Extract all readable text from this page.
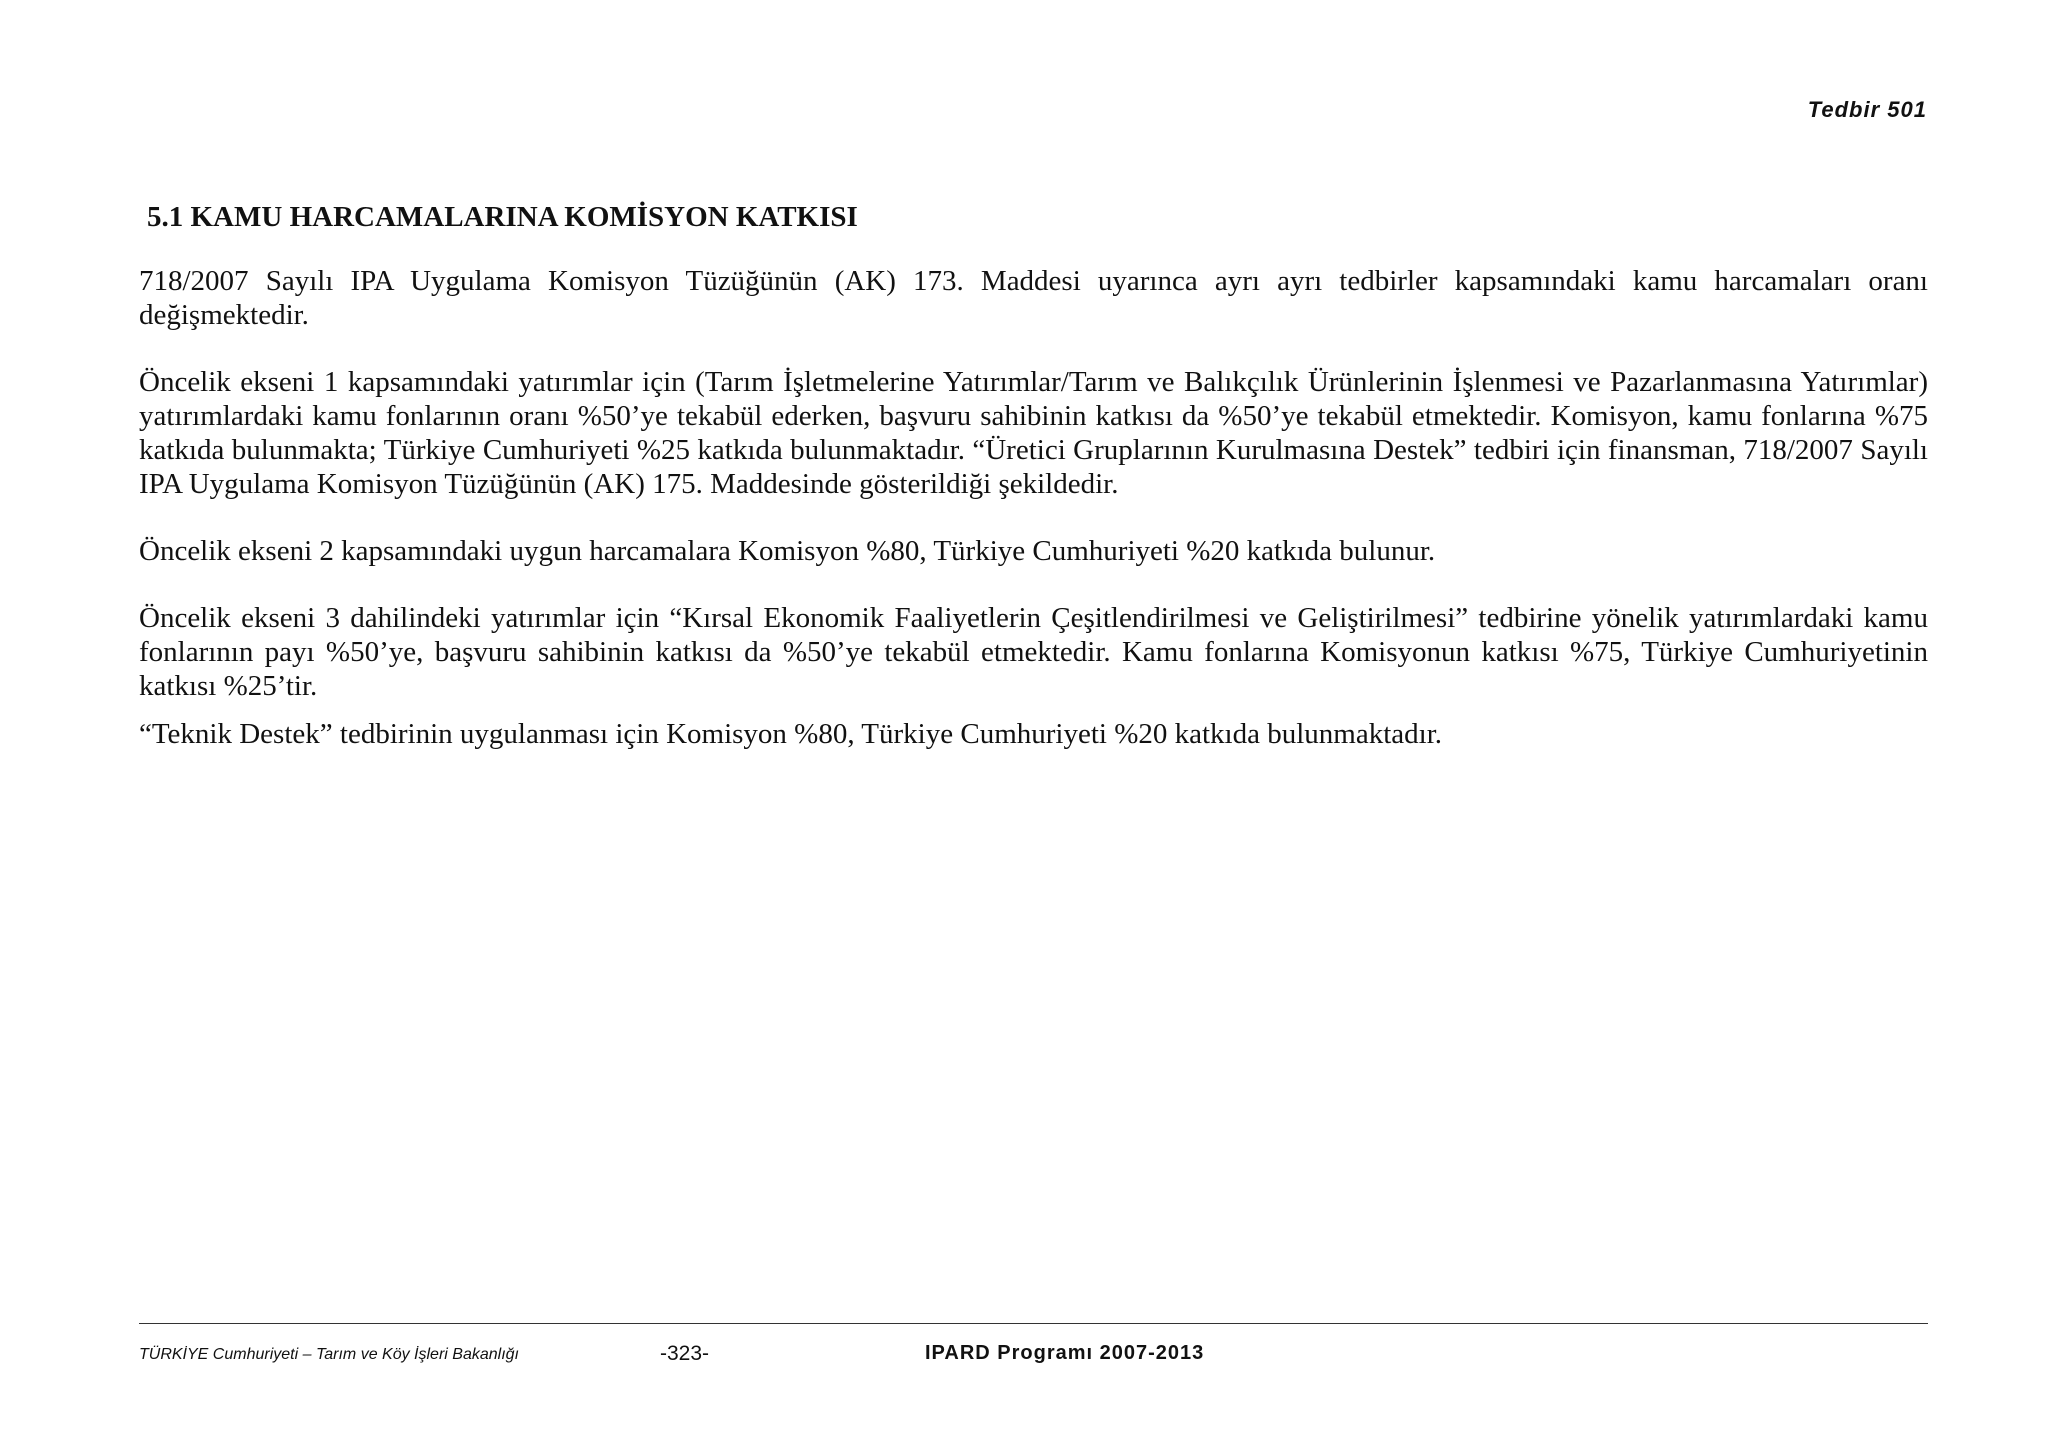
Tedbir 501
5.1 KAMU HARCAMALARINA KOMİSYON KATKISI

718/2007 Sayılı IPA Uygulama Komisyon Tüzüğünün (AK) 173. Maddesi uyarınca ayrı ayrı tedbirler kapsamındaki kamu harcamaları oranı değişmektedir.

Öncelik ekseni 1 kapsamındaki yatırımlar için (Tarım İşletmelerine Yatırımlar/Tarım ve Balıkçılık Ürünlerinin İşlenmesi ve Pazarlanmasına Yatırımlar) yatırımlardaki kamu fonlarının oranı %50’ye tekabül ederken, başvuru sahibinin katkısı da %50’ye tekabül etmektedir. Komisyon, kamu fonlarına %75 katkıda bulunmakta; Türkiye Cumhuriyeti %25 katkıda bulunmaktadır. “Üretici Gruplarının Kurulmasına Destek” tedbiri için finansman, 718/2007 Sayılı IPA Uygulama Komisyon Tüzüğünün (AK) 175. Maddesinde gösterildiği şekildedir.

Öncelik ekseni 2 kapsamındaki uygun harcamalara Komisyon %80, Türkiye Cumhuriyeti %20 katkıda bulunur.

Öncelik ekseni 3 dahilindeki yatırımlar için “Kırsal Ekonomik Faaliyetlerin Çeşitlendirilmesi ve Geliştirilmesi” tedbirine yönelik yatırımlardaki kamu fonlarının payı %50’ye, başvuru sahibinin katkısı da %50’ye tekabül etmektedir. Kamu fonlarına Komisyonun katkısı %75, Türkiye Cumhuriyetinin katkısı %25’tir.

“Teknik Destek” tedbirinin uygulanması için Komisyon %80, Türkiye Cumhuriyeti %20 katkıda bulunmaktadır.

TÜRKİYE Cumhuriyeti – Tarım ve Köy İşleri Bakanlığı	-323-	IPARD Programı 2007-2013
